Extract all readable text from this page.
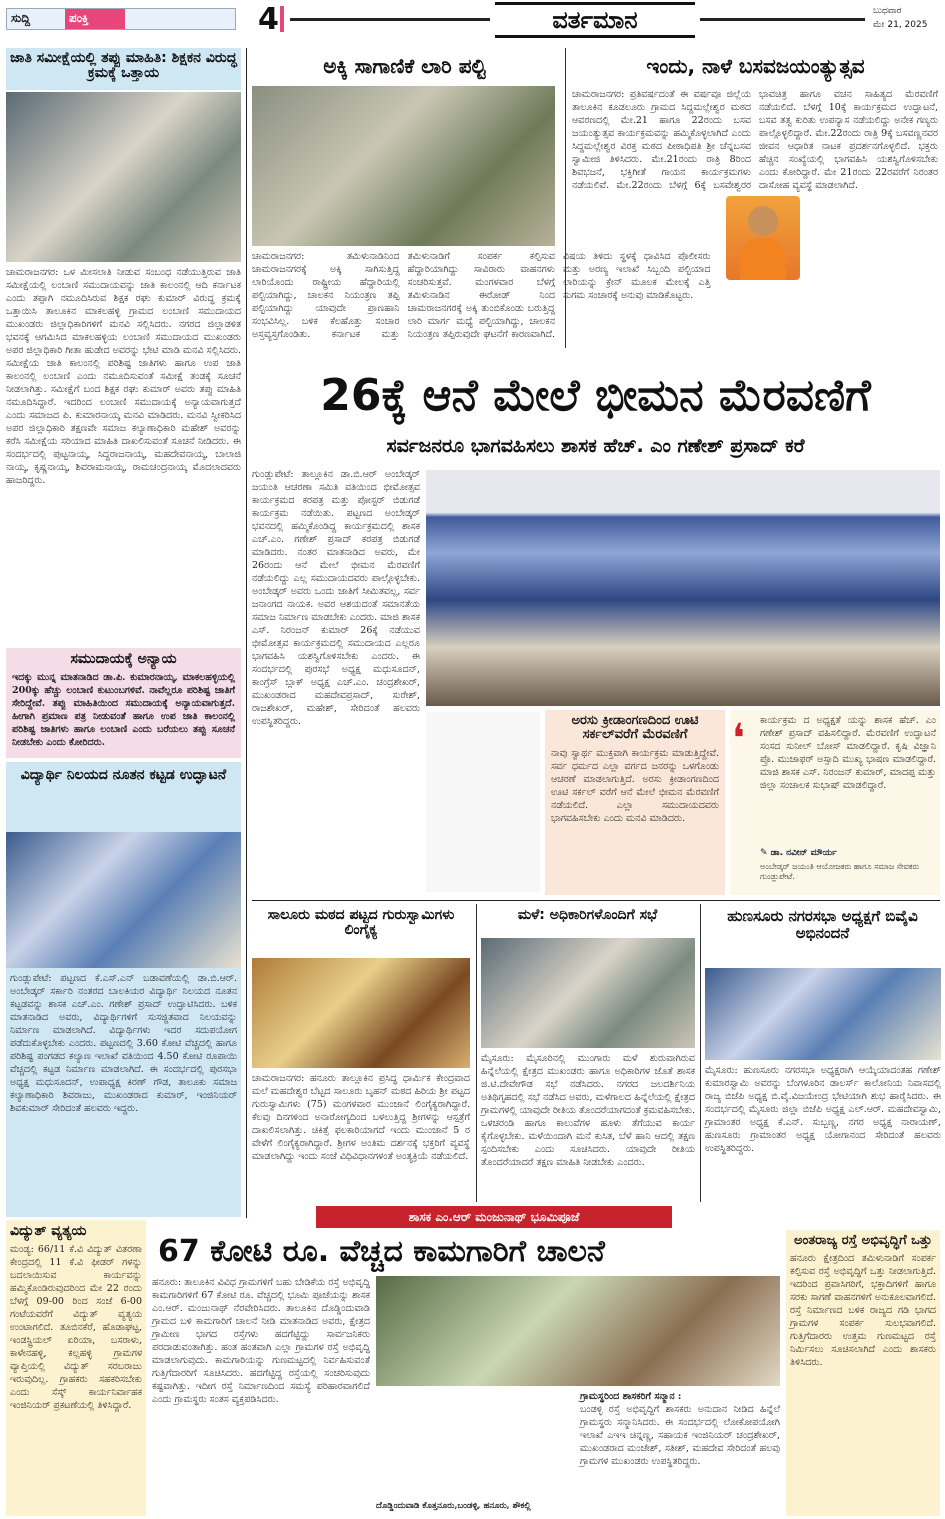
ಸುದ್ದಿ	ಪಂಕ್ತಿ	4	ವರ್ತಮಾನ	ಬುಧವಾರ
ಮೇ 21, 2025
ಜಾತಿ ಸಮೀಕ್ಷೆಯಲ್ಲಿ ತಪ್ಪು ಮಾಹಿತಿ: ಶಿಕ್ಷಕನ ವಿರುದ್ಧ ಕ್ರಮಕ್ಕೆ ಒತ್ತಾಯ
ಚಾಮರಾಜನಗರ: ಒಳ ಮೀಸಲಾತಿ ನೀಡುವ ಸಂಬಂಧ ನಡೆಯುತ್ತಿರುವ ಜಾತಿ ಸಮೀಕ್ಷೆಯಲ್ಲಿ ಲಂಬಾಣಿ ಸಮುದಾಯವನ್ನು ಜಾತಿ ಕಾಲಂನಲ್ಲಿ ಆದಿ ಕರ್ನಾಟಕ ಎಂದು ತಪ್ಪಾಗಿ ನಮೂದಿಸಿರುವ ಶಿಕ್ಷಕ ರಘು ಕುಮಾರ್ ವಿರುದ್ಧ ಕ್ರಮಕ್ಕೆ ಒತ್ತಾಯಿಸಿ ತಾಲೂಕಿನ ಮಾಕಲಹಳ್ಳಿ ಗ್ರಾಮದ ಲಂಬಾಣಿ ಸಮುದಾಯದ ಮುಖಂಡರು ಜಿಲ್ಲಾಧಿಕಾರಿಗಳಿಗೆ ಮನವಿ ಸಲ್ಲಿಸಿದರು. ನಗರದ ಜಿಲ್ಲಾಡಳಿತ ಭವನಕ್ಕೆ ಆಗಮಿಸಿದ ಮಾಕಲಹಳ್ಳಿಯ ಲಂಬಾಣಿ ಸಮುದಾಯದ ಮುಖಂಡರು ಅಪರ ಜಿಲ್ಲಾಧಿಕಾರಿ ಗೀತಾ ಹುಡೇದ ಅವರನ್ನು ಭೇಟಿ ಮಾಡಿ ಮನವಿ ಸಲ್ಲಿಸಿದರು. ಸಮೀಕ್ಷೆಯ ಜಾತಿ ಕಾಲಂನಲ್ಲಿ ಪರಿಶಿಷ್ಟ ಜಾತಿಗಳು ಹಾಗೂ ಉಪ ಜಾತಿ ಕಾಲಂನಲ್ಲಿ ಲಂಬಾಣಿ ಎಂದು ನಮೂದಿಸುವಂತೆ ಸಮೀಕ್ಷೆ ತಂಡಕ್ಕೆ ಸೂಚನೆ ನೀಡಲಾಗಿತ್ತು. ಸಮೀಕ್ಷೆಗೆ ಬಂದ ಶಿಕ್ಷಕ ರಘು ಕುಮಾರ್ ಅವರು ತಪ್ಪು ಮಾಹಿತಿ ನಮೂದಿಸಿದ್ದಾರೆ. ಇದರಿಂದ ಲಂಬಾಣಿ ಸಮುದಾಯಕ್ಕೆ ಅನ್ಯಾಯವಾಗುತ್ತದೆ ಎಂದು ಸಮಾಜದ ಪಿ. ಕುಮಾರನಾಯ್ಕ ಮನವಿ ಮಾಡಿದರು. ಮನವಿ ಸ್ವೀಕರಿಸಿದ ಅಪರ ಜಿಲ್ಲಾಧಿಕಾರಿ ತಕ್ಷಣವೇ ಸಮಾಜ ಕಲ್ಯಾಣಾಧಿಕಾರಿ ಮಹೇಶ್ ಅವರನ್ನು ಕರೆಸಿ ಸಮೀಕ್ಷೆಯ ಸರಿಯಾದ ಮಾಹಿತಿ ದಾಖಲಿಸುವಂತೆ ಸೂಚನೆ ನೀಡಿದರು. ಈ ಸಂದರ್ಭದಲ್ಲಿ ಪುಟ್ಟನಾಯ್ಕ, ಸಿದ್ದರಾಜನಾಯ್ಕ, ಮಹದೇವನಾಯ್ಕ, ಬಾಲಾಜಿ ನಾಯ್ಕ, ಕೃಷ್ಣನಾಯ್ಕ, ಶಿವರಾಮನಾಯ್ಕ, ರಾಮಚಂದ್ರನಾಯ್ಕ ಮೊದಲಾದವರು ಹಾಜರಿದ್ದರು.
ಸಮುದಾಯಕ್ಕೆ ಅನ್ಯಾಯ
ಇದಕ್ಕು ಮುನ್ನ ಮಾತನಾಡಿದ ಡಾ.ಪಿ. ಕುಮಾರನಾಯ್ಕ, ಮಾಕಲಹಳ್ಳಿಯಲ್ಲಿ 200ಕ್ಕು ಹೆಚ್ಚು ಲಂಬಾಣಿ ಕುಟುಂಬಗಳಿವೆ. ನಾವೆಲ್ಲರೂ ಪರಿಶಿಷ್ಟ ಜಾತಿಗೆ ಸೇರಿದ್ದೇವೆ. ತಪ್ಪು ಮಾಹಿತಿಯಿಂದ ಸಮುದಾಯಕ್ಕೆ ಅನ್ಯಾಯವಾಗುತ್ತದೆ. ಹೀಗಾಗಿ ಪ್ರಮಾಣ ಪತ್ರ ನೀಡುವಂತೆ ಹಾಗೂ ಉಪ ಜಾತಿ ಕಾಲಂನಲ್ಲಿ ಪರಿಶಿಷ್ಟ ಜಾತಿಗಳು ಹಾಗೂ ಲಂಬಾಣಿ ಎಂದು ಬರೆಯಲು ತಪ್ಪು ಸೂಚನೆ ನೀಡಬೇಕು ಎಂದು ಕೋರಿದರು.
ವಿದ್ಯಾರ್ಥಿ ನಿಲಯದ ನೂತನ ಕಟ್ಟಡ ಉದ್ಘಾಟನೆ
ಗುಂಡ್ಲುಪೇಟೆ: ಪಟ್ಟಣದ ಕೆ.ಎಸ್.ಎನ್ ಬಡಾವಣೆಯಲ್ಲಿ ಡಾ.ಬಿ.ಆರ್. ಅಂಬೇಡ್ಕರ್ ಸರ್ಕಾರಿ ನಂತರದ ಬಾಲಕಿಯರ ವಿದ್ಯಾರ್ಥಿ ನಿಲಯದ ನೂತನ ಕಟ್ಟಡವನ್ನು ಶಾಸಕ ಎಚ್.ಎಂ. ಗಣೇಶ್ ಪ್ರಸಾದ್ ಉದ್ಘಾಟಿಸಿದರು. ಬಳಿಕ ಮಾತನಾಡಿದ ಅವರು, ವಿದ್ಯಾರ್ಥಿಗಳಿಗೆ ಸುಸಜ್ಜಿತವಾದ ನಿಲಯವನ್ನು ನಿರ್ಮಾಣ ಮಾಡಲಾಗಿದೆ. ವಿದ್ಯಾರ್ಥಿಗಳು ಇದರ ಸದುಪಯೋಗ ಪಡೆದುಕೊಳ್ಳಬೇಕು ಎಂದರು. ಪಟ್ಟಣದಲ್ಲಿ 3.60 ಕೋಟಿ ವೆಚ್ಚದಲ್ಲಿ ಹಾಗೂ ಪರಿಶಿಷ್ಟ ಪಂಗಡದ ಕಲ್ಯಾಣ ಇಲಾಖೆ ವತಿಯಿಂದ 4.50 ಕೋಟಿ ರೂಪಾಯಿ ವೆಚ್ಚದಲ್ಲಿ ಕಟ್ಟಡ ನಿರ್ಮಾಣ ಮಾಡಲಾಗಿದೆ. ಈ ಸಂದರ್ಭದಲ್ಲಿ ಪುರಸಭಾ ಅಧ್ಯಕ್ಷ ಮಧುಸೂದನ್, ಉಪಾಧ್ಯಕ್ಷ ಕಿರಣ್ ಗೌಡ, ತಾಲೂಕು ಸಮಾಜ ಕಲ್ಯಾಣಾಧಿಕಾರಿ ಶಿವರಾಜು, ಮುಖಂಡರಾದ ಕುಮಾರ್, ಇಂಜಿನಿಯರ್ ಶಿವಕುಮಾರ್ ಸೇರಿದಂತೆ ಹಲವರು ಇದ್ದರು.
ಅಕ್ಕಿ ಸಾಗಾಣಿಕೆ ಲಾರಿ ಪಲ್ಟಿ
ಚಾಮರಾಜನಗರ: ತಮಿಳುನಾಡಿನಿಂದ ಚಾಮರಾಜನಗರಕ್ಕೆ ಅಕ್ಕಿ ಸಾಗಿಸುತ್ತಿದ್ದ ಲಾರಿಯೊಂದು ರಾಷ್ಟ್ರೀಯ ಹೆದ್ದಾರಿಯಲ್ಲಿ ಪಲ್ಟಿಯಾಗಿದ್ದು, ಚಾಲಕನ ನಿಯಂತ್ರಣ ತಪ್ಪಿ ಪಲ್ಟಿಯಾಗಿದ್ದು ಯಾವುದೇ ಪ್ರಾಣಹಾನಿ ಸಂಭವಿಸಿಲ್ಲ. ಬಳಿಕ ಕೆಲಹೊತ್ತು ಸಂಚಾರ ಅಸ್ತವ್ಯಸ್ತಗೊಂಡಿತು. ಕರ್ನಾಟಕ ಮತ್ತು ತಮಿಳುನಾಡಿಗೆ ಸಂಪರ್ಕ ಕಲ್ಪಿಸುವ ಹೆದ್ದಾರಿಯಾಗಿದ್ದು ಸಾವಿರಾರು ವಾಹನಗಳು ಸಂಚರಿಸುತ್ತವೆ. ಮಂಗಳವಾರ ಬೆಳಗ್ಗೆ ತಮಿಳುನಾಡಿನ ಈರೋಡ್ ನಿಂದ ಚಾಮರಾಜನಗರಕ್ಕೆ ಅಕ್ಕಿ ತುಂಬಿಕೊಂಡು ಬರುತ್ತಿದ್ದ ಲಾರಿ ಮಾರ್ಗ ಮಧ್ಯೆ ಪಲ್ಟಿಯಾಗಿದ್ದು, ಚಾಲಕನ ನಿಯಂತ್ರಣ ತಪ್ಪಿರುವುದೇ ಘಟನೆಗೆ ಕಾರಣವಾಗಿದೆ. ವಿಷಯ ತಿಳಿದು ಸ್ಥಳಕ್ಕೆ ಧಾವಿಸಿದ ಪೊಲೀಸರು ಮತ್ತು ಅರಣ್ಯ ಇಲಾಖೆ ಸಿಬ್ಬಂದಿ ಪಲ್ಟಿಯಾದ ಲಾರಿಯನ್ನು ಕ್ರೇನ್ ಮೂಲಕ ಮೇಲಕ್ಕೆ ಎತ್ತಿ ಸುಗಮ ಸಂಚಾರಕ್ಕೆ ಅನುವು ಮಾಡಿಕೊಟ್ಟರು.
ಇಂದು, ನಾಳೆ ಬಸವಜಯಂತ್ಯುತ್ಸವ
ಚಾಮರಾಜನಗರ: ಪ್ರತಿವರ್ಷದಂತೆ ಈ ವರ್ಷವೂ ಜಿಲ್ಲೆಯ ತಾಲೂಕಿನ ಕೂಡಲೂರು ಗ್ರಾಮದ ಸಿದ್ದಮಲ್ಲೇಶ್ವರ ಮಠದ ಆವರಣದಲ್ಲಿ ಮೇ.21 ಹಾಗೂ 22ರಂದು ಬಸವ ಜಯಂತ್ಯುತ್ಸವ ಕಾರ್ಯಕ್ರಮವನ್ನು ಹಮ್ಮಿಕೊಳ್ಳಲಾಗಿದೆ ಎಂದು ಸಿದ್ದಮಲ್ಲೇಶ್ವರ ವಿರಕ್ತ ಮಠದ ಪೀಠಾಧಿಪತಿ ಶ್ರೀ ಚೆನ್ನಬಸವ ಸ್ವಾಮೀಜಿ ತಿಳಿಸಿದರು. ಮೇ.21ರಂದು ರಾತ್ರಿ 8ರಿಂದ ಶಿವಭಜನೆ, ಭಕ್ತಿಗೀತೆ ಗಾಯನ ಕಾರ್ಯಕ್ರಮಗಳು ನಡೆಯಲಿವೆ. ಮೇ.22ರಂದು ಬೆಳಗ್ಗೆ 6ಕ್ಕೆ ಬಸವೇಶ್ವರರ ಭಾವಚಿತ್ರ ಹಾಗೂ ವಚನ ಸಾಹಿತ್ಯದ ಮೆರವಣಿಗೆ ನಡೆಯಲಿದೆ. ಬೆಳಗ್ಗೆ 10ಕ್ಕೆ ಕಾರ್ಯಕ್ರಮದ ಉದ್ಘಾಟನೆ, ಬಸವ ತತ್ವ ಕುರಿತು ಉಪನ್ಯಾಸ ನಡೆಯಲಿದ್ದು ಅನೇಕ ಗಣ್ಯರು ಪಾಲ್ಗೊಳ್ಳಲಿದ್ದಾರೆ. ಮೇ.22ರಂದು ರಾತ್ರಿ 9ಕ್ಕೆ ಬಸವಣ್ಣನವರ ಜೀವನ ಆಧಾರಿತ ನಾಟಕ ಪ್ರದರ್ಶನಗೊಳ್ಳಲಿದೆ. ಭಕ್ತರು ಹೆಚ್ಚಿನ ಸಂಖ್ಯೆಯಲ್ಲಿ ಭಾಗವಹಿಸಿ ಯಶಸ್ವಿಗೊಳಿಸಬೇಕು ಎಂದು ಕೋರಿದ್ದಾರೆ. ಮೇ 21ರಂದು 22ರವರೆಗೆ ನಿರಂತರ ದಾಸೋಹ ವ್ಯವಸ್ಥೆ ಮಾಡಲಾಗಿದೆ.
26ಕ್ಕೆ ಆನೆ ಮೇಲೆ ಭೀಮನ ಮೆರವಣಿಗೆ
ಸರ್ವಜನರೂ ಭಾಗವಹಿಸಲು ಶಾಸಕ ಹೆಚ್. ಎಂ ಗಣೇಶ್ ಪ್ರಸಾದ್ ಕರೆ
ಗುಂಡ್ಲುಪೇಟೆ: ತಾಲ್ಲೂಕಿನ ಡಾ.ಬಿ.ಆರ್ ಅಂಬೇಡ್ಕರ್ ಜಯಂತಿ ಆಚರಣಾ ಸಮಿತಿ ವತಿಯಿಂದ ಭೀಮೋತ್ಸವ ಕಾರ್ಯಕ್ರಮದ ಕರಪತ್ರ ಮತ್ತು ಪೋಸ್ಟರ್ ಬಿಡುಗಡೆ ಕಾರ್ಯಕ್ರಮ ನಡೆಯಿತು. ಪಟ್ಟಣದ ಅಂಬೇಡ್ಕರ್ ಭವನದಲ್ಲಿ ಹಮ್ಮಿಕೊಂಡಿದ್ದ ಕಾರ್ಯಕ್ರಮದಲ್ಲಿ ಶಾಸಕ ಎಚ್.ಎಂ. ಗಣೇಶ್ ಪ್ರಸಾದ್ ಕರಪತ್ರ ಬಿಡುಗಡೆ ಮಾಡಿದರು. ನಂತರ ಮಾತನಾಡಿದ ಅವರು, ಮೇ 26ರಂದು ಆನೆ ಮೇಲೆ ಭೀಮನ ಮೆರವಣಿಗೆ ನಡೆಯಲಿದ್ದು ಎಲ್ಲ ಸಮುದಾಯದವರು ಪಾಲ್ಗೊಳ್ಳಬೇಕು. ಅಂಬೇಡ್ಕರ್ ಅವರು ಒಂದು ಜಾತಿಗೆ ಸೀಮಿತವಲ್ಲ, ಸರ್ವ ಜನಾಂಗದ ನಾಯಕ. ಅವರ ಆಶಯದಂತೆ ಸಮಾನತೆಯ ಸಮಾಜ ನಿರ್ಮಾಣ ಮಾಡಬೇಕು ಎಂದರು. ಮಾಜಿ ಶಾಸಕ ಎಸ್. ನಿರಂಜನ್ ಕುಮಾರ್ 26ಕ್ಕೆ ನಡೆಯುವ ಭೀಮೋತ್ಸವ ಕಾರ್ಯಕ್ರಮದಲ್ಲಿ ಸಮುದಾಯದ ಎಲ್ಲರೂ ಭಾಗವಹಿಸಿ ಯಶಸ್ವಿಗೊಳಿಸಬೇಕು ಎಂದರು. ಈ ಸಂದರ್ಭದಲ್ಲಿ ಪುರಸಭೆ ಅಧ್ಯಕ್ಷ ಮಧುಸೂದನ್, ಕಾಂಗ್ರೆಸ್ ಬ್ಲಾಕ್ ಅಧ್ಯಕ್ಷ ಎಚ್.ಎಂ. ಚಂದ್ರಶೇಖರ್, ಮುಖಂಡರಾದ ಮಹದೇವಪ್ರಸಾದ್, ಸುರೇಶ್, ರಾಜಶೇಖರ್, ಮಹೇಶ್, ಸೇರಿದಂತೆ ಹಲವರು ಉಪಸ್ಥಿತರಿದ್ದರು.	ಅರಸು ಕ್ರೀಡಾಂಗಣದಿಂದ ಊಟಿ ಸರ್ಕಲ್‌ವರೆಗೆ ಮೆರವಣಿಗೆ
ನಾವು ಸ್ವಾರ್ಥ ಮುಕ್ತವಾಗಿ ಕಾರ್ಯಕ್ರಮ ಮಾಡುತ್ತಿದ್ದೇವೆ. ಸರ್ವ ಧರ್ಮದ ಎಲ್ಲಾ ವರ್ಗದ ಜನರನ್ನು ಒಳಗೊಂಡು ಆಚರಣೆ ಮಾಡಲಾಗುತ್ತಿದೆ. ಅರಸು ಕ್ರೀಡಾಂಗಣದಿಂದ ಊಟಿ ಸರ್ಕಲ್ ವರೆಗೆ ಆನೆ ಮೇಲೆ ಭೀಮನ ಮೆರವಣಿಗೆ ನಡೆಯಲಿದೆ. ಎಲ್ಲಾ ಸಮುದಾಯದವರು ಭಾಗವಹಿಸಬೇಕು ಎಂದು ಮನವಿ ಮಾಡಿದರು.
❛ ಕಾರ್ಯಕ್ರಮ ದ ಅಧ್ಯಕ್ಷತೆ ಯನ್ನು ಶಾಸಕ ಹೆಚ್. ಎಂ ಗಣೇಶ್ ಪ್ರಸಾದ್ ವಹಿಸಲಿದ್ದಾರೆ. ಮೆರವಣಿಗೆ ಉದ್ಘಾಟನೆ ಸಂಸದ ಸುನೀಲ್ ಬೋಸ್ ಮಾಡಲಿದ್ದಾರೆ. ಕೃಷಿ ವಿಜ್ಞಾನಿ ಪ್ರೊ. ಮುಜಾಫರ್ ಅಸ್ಸಾದಿ ಮುಖ್ಯ ಭಾಷಣ ಮಾಡಲಿದ್ದಾರೆ. ಮಾಜಿ ಶಾಸಕ ಎಸ್. ನಿರಂಜನ್ ಕುಮಾರ್, ಮಾದಪ್ಪ ಮತ್ತು ಜಿಲ್ಲಾ ಸಂಚಾಲಕ ಸುಭಾಷ್ ಮಾಡಲಿದ್ದಾರೆ.
✎ ಡಾ. ನವೀನ್ ಮೌರ್ಯ
ಅಂಬೇಡ್ಕರ್ ಜಯಂತಿ ಆಯೋಜಕರು ಹಾಗೂ ಸಮಾಜ ಸೇವಕರು ಗುಂಡ್ಲುಪೇಟೆ.
ಸಾಲೂರು ಮಠದ ಪಟ್ಟದ ಗುರುಸ್ವಾಮಿಗಳು ಲಿಂಗೈಕ್ಯ
ಚಾಮರಾಜನಗರ: ಹನೂರು ತಾಲ್ಲೂಕಿನ ಪ್ರಸಿದ್ಧ ಧಾರ್ಮಿಕ ಕೇಂದ್ರವಾದ ಮಲೆ ಮಹದೇಶ್ವರ ಬೆಟ್ಟದ ಸಾಲೂರು ಬೃಹನ್ ಮಠದ ಹಿರಿಯ ಶ್ರೀ ಪಟ್ಟದ ಗುರುಸ್ವಾಮಿಗಳು (75) ಮಂಗಳವಾರ ಮುಂಜಾನೆ ಲಿಂಗೈಕ್ಯರಾಗಿದ್ದಾರೆ. ಕೆಲವು ದಿನಗಳಿಂದ ಅನಾರೋಗ್ಯದಿಂದ ಬಳಲುತ್ತಿದ್ದ ಶ್ರೀಗಳನ್ನು ಆಸ್ಪತ್ರೆಗೆ ದಾಖಲಿಸಲಾಗಿತ್ತು. ಚಿಕಿತ್ಸೆ ಫಲಕಾರಿಯಾಗದೆ ಇಂದು ಮುಂಜಾನೆ 5 ರ ವೇಳೆಗೆ ಲಿಂಗೈಕ್ಯರಾಗಿದ್ದಾರೆ. ಶ್ರೀಗಳ ಅಂತಿಮ ದರ್ಶನಕ್ಕೆ ಭಕ್ತರಿಗೆ ವ್ಯವಸ್ಥೆ ಮಾಡಲಾಗಿದ್ದು ಇಂದು ಸಂಜೆ ವಿಧಿವಿಧಾನಗಳಂತೆ ಅಂತ್ಯಕ್ರಿಯೆ ನಡೆಯಲಿದೆ.
ಮಳೆ: ಅಧಿಕಾರಿಗಳೊಂದಿಗೆ ಸಭೆ
ಮೈಸೂರು: ಮೈಸೂರಿನಲ್ಲಿ ಮುಂಗಾರು ಮಳೆ ಶುರುವಾಗಿರುವ ಹಿನ್ನೆಲೆಯಲ್ಲಿ ಕ್ಷೇತ್ರದ ಮುಖಂಡರು ಹಾಗೂ ಅಧಿಕಾರಿಗಳ ಜೊತೆ ಶಾಸಕ ಜಿ.ಟಿ.ದೇವೇಗೌಡ ಸಭೆ ನಡೆಸಿದರು. ನಗರದ ಜಲದರ್ಶಿನಿಯ ಅತಿಥಿಗೃಹದಲ್ಲಿ ಸಭೆ ನಡೆಸಿದ ಅವರು, ಮಳೆಗಾಲದ ಹಿನ್ನೆಲೆಯಲ್ಲಿ ಕ್ಷೇತ್ರದ ಗ್ರಾಮಗಳಲ್ಲಿ ಯಾವುದೇ ರೀತಿಯ ತೊಂದರೆಯಾಗದಂತೆ ಕ್ರಮವಹಿಸಬೇಕು. ಒಳಚರಂಡಿ ಹಾಗೂ ಕಾಲುವೆಗಳ ಹೂಳು ತೆಗೆಯುವ ಕಾರ್ಯ ಕೈಗೊಳ್ಳಬೇಕು. ಮಳೆಯಿಂದಾಗಿ ಮನೆ ಕುಸಿತ, ಬೆಳೆ ಹಾನಿ ಆದಲ್ಲಿ ತಕ್ಷಣ ಸ್ಪಂದಿಸಬೇಕು ಎಂದು ಸೂಚಿಸಿದರು. ಯಾವುದೇ ರೀತಿಯ ತೊಂದರೆಯಾದರೆ ತಕ್ಷಣ ಮಾಹಿತಿ ನೀಡಬೇಕು ಎಂದರು.
ಹುಣಸೂರು ನಗರಸಭಾ ಅಧ್ಯಕ್ಷಗೆ ಬಿವೈವಿ ಅಭಿನಂದನೆ
ಮೈಸೂರು: ಹುಣಸೂರು ನಗರಸಭಾ ಅಧ್ಯಕ್ಷರಾಗಿ ಆಯ್ಕೆಯಾದಂತಹ ಗಣೇಶ್ ಕುಮಾರಸ್ವಾಮಿ ಅವರನ್ನು ಬೆಂಗಳೂರಿನ ಡಾಲರ್ಸ್ ಕಾಲೋನಿಯ ನಿವಾಸದಲ್ಲಿ ರಾಜ್ಯ ಬಿಜೆಪಿ ಅಧ್ಯಕ್ಷ ಬಿ.ವೈ.ವಿಜಯೇಂದ್ರ ಭೇಟಿಯಾಗಿ ಶುಭ ಹಾರೈಸಿದರು. ಈ ಸಂದರ್ಭದಲ್ಲಿ ಮೈಸೂರು ಜಿಲ್ಲಾ ಬಿಜೆಪಿ ಅಧ್ಯಕ್ಷ ಎಲ್.ಆರ್. ಮಹದೇವಸ್ವಾಮಿ, ಗ್ರಾಮಾಂತರ ಅಧ್ಯಕ್ಷ ಕೆ.ಎನ್. ಸುಬ್ಬಣ್ಣ, ನಗರ ಅಧ್ಯಕ್ಷ ನಾರಾಯಣ್, ಹುಣಸೂರು ಗ್ರಾಮಾಂತರ ಅಧ್ಯಕ್ಷ ಯೋಗಾನಂದ ಸೇರಿದಂತೆ ಹಲವರು ಉಪಸ್ಥಿತರಿದ್ದರು.
ವಿದ್ಯುತ್ ವ್ಯತ್ಯಯ
ಮಂಡ್ಯ: 66/11 ಕೆ.ವಿ ವಿದ್ಯುತ್ ವಿತರಣಾ ಕೇಂದ್ರದಲ್ಲಿ 11 ಕೆ.ವಿ ಫೀಡರ್ ಗಳನ್ನು ಬದಲಾಯಿಸುವ ಕಾರ್ಯವನ್ನು ಹಮ್ಮಿಕೊಂಡಿರುವುದರಿಂದ ಮೇ 22 ರಂದು ಬೆಳಗ್ಗೆ 09-00 ರಿಂದ ಸಂಜೆ 6-00 ಗಂಟೆಯವರೆಗೆ ವಿದ್ಯುತ್ ವ್ಯತ್ಯಯ ಉಂಟಾಗಲಿದೆ. ತೂಬಿನಕೆರೆ, ಹೊಡಾಘಟ್ಟ, ಇಂಡಸ್ಟ್ರಿಯಲ್ ಏರಿಯಾ, ಬಸರಾಳು, ಕಾಳೇನಹಳ್ಳಿ, ಕಲ್ಲಹಳ್ಳಿ ಗ್ರಾಮಗಳ ವ್ಯಾಪ್ತಿಯಲ್ಲಿ ವಿದ್ಯುತ್ ಸರಬರಾಜು ಇರುವುದಿಲ್ಲ. ಗ್ರಾಹಕರು ಸಹಕರಿಸಬೇಕು ಎಂದು ಸೆಸ್ಕ್ ಕಾರ್ಯನಿರ್ವಾಹಕ ಇಂಜಿನಿಯರ್ ಪ್ರಕಟಣೆಯಲ್ಲಿ ತಿಳಿಸಿದ್ದಾರೆ.
ಶಾಸಕ ಎಂ.ಆರ್ ಮಂಜುನಾಥ್ ಭೂಮಿಪೂಜೆ
67 ಕೋಟಿ ರೂ. ವೆಚ್ಚದ ಕಾಮಗಾರಿಗೆ ಚಾಲನೆ
ಹನೂರು: ತಾಲೂಕಿನ ವಿವಿಧ ಗ್ರಾಮಗಳಿಗೆ ಬಹು ಬೇಡಿಕೆಯ ರಸ್ತೆ ಅಭಿವೃದ್ಧಿ ಕಾಮಗಾರಿಗಳಿಗೆ 67 ಕೋಟಿ ರೂ. ವೆಚ್ಚದಲ್ಲಿ ಭೂಮಿ ಪೂಜೆಯನ್ನು ಶಾಸಕ ಎಂ.ಆರ್. ಮಂಜುನಾಥ್ ನೆರವೇರಿಸಿದರು. ತಾಲೂಕಿನ ದೊಡ್ಡಿಂದುವಾಡಿ ಗ್ರಾಮದ ಬಳಿ ಕಾಮಗಾರಿಗೆ ಚಾಲನೆ ನೀಡಿ ಮಾತನಾಡಿದ ಅವರು, ಕ್ಷೇತ್ರದ ಗ್ರಾಮೀಣ ಭಾಗದ ರಸ್ತೆಗಳು ಹದಗೆಟ್ಟಿದ್ದು ಸಾರ್ವಜನಿಕರು ಪರದಾಡುವಂತಾಗಿತ್ತು. ಹಂತ ಹಂತವಾಗಿ ಎಲ್ಲಾ ಗ್ರಾಮಗಳ ರಸ್ತೆ ಅಭಿವೃದ್ಧಿ ಮಾಡಲಾಗುವುದು. ಕಾಮಗಾರಿಯನ್ನು ಗುಣಮಟ್ಟದಲ್ಲಿ ನಿರ್ವಹಿಸುವಂತೆ ಗುತ್ತಿಗೆದಾರರಿಗೆ ಸೂಚಿಸಿದರು. ಹದಗೆಟ್ಟಿದ್ದ ರಸ್ತೆಯಲ್ಲಿ ಸಂಚರಿಸುವುದು ಕಷ್ಟವಾಗಿತ್ತು. ಇದೀಗ ರಸ್ತೆ ನಿರ್ಮಾಣದಿಂದ ಸಮಸ್ಯೆ ಪರಿಹಾರವಾಗಲಿದೆ ಎಂದು ಗ್ರಾಮಸ್ಥರು ಸಂತಸ ವ್ಯಕ್ತಪಡಿಸಿದರು.
ದೊಡ್ಡಿಂದುವಾಡಿ ಕೊತ್ತನೂರು,ಬಂಡಳ್ಳಿ, ಹನೂರು, ಶೌಕಲ್ಲಿ
ಗ್ರಾಮಸ್ಥರಿಂದ ಶಾಸಕರಿಗೆ ಸನ್ಮಾನ :
ಬಂಡಳ್ಳಿ ರಸ್ತೆ ಅಭಿವೃದ್ಧಿಗೆ ಶಾಸಕರು ಅನುದಾನ ನೀಡಿದ ಹಿನ್ನೆಲೆ ಗ್ರಾಮಸ್ಥರು ಸನ್ಮಾನಿಸಿದರು. ಈ ಸಂದರ್ಭದಲ್ಲಿ ಲೋಕೋಪಯೋಗಿ ಇಲಾಖೆ ಎಇಇ ಚಿನ್ನಣ್ಣ, ಸಹಾಯಕ ಇಂಜಿನಿಯರ್ ಚಂದ್ರಶೇಖರ್, ಮುಖಂಡರಾದ ಮಂಜೇಶ್, ಸತೀಶ್, ಮಹದೇವ ಸೇರಿದಂತೆ ಹಲವು ಗ್ರಾಮಗಳ ಮುಖಂಡರು ಉಪಸ್ಥಿತರಿದ್ದರು.
ಅಂತರಾಜ್ಯ ರಸ್ತೆ ಅಭಿವೃದ್ಧಿಗೆ ಒತ್ತು
ಹನೂರು ಕ್ಷೇತ್ರದಿಂದ ತಮಿಳುನಾಡಿಗೆ ಸಂಪರ್ಕ ಕಲ್ಪಿಸುವ ರಸ್ತೆ ಅಭಿವೃದ್ಧಿಗೆ ಒತ್ತು ನೀಡಲಾಗುತ್ತಿದೆ. ಇದರಿಂದ ಪ್ರವಾಸಿಗರಿಗೆ, ಭಕ್ತಾದಿಗಳಿಗೆ ಹಾಗೂ ಸರಕು ಸಾಗಣೆ ವಾಹನಗಳಿಗೆ ಅನುಕೂಲವಾಗಲಿದೆ. ರಸ್ತೆ ನಿರ್ಮಾಣದ ಬಳಿಕ ರಾಜ್ಯದ ಗಡಿ ಭಾಗದ ಗ್ರಾಮಗಳ ಸಂಪರ್ಕ ಸುಲಭವಾಗಲಿದೆ. ಗುತ್ತಿಗೆದಾರರು ಉತ್ತಮ ಗುಣಮಟ್ಟದ ರಸ್ತೆ ನಿರ್ಮಿಸಲು ಸೂಚಿಸಲಾಗಿದೆ ಎಂದು ಶಾಸಕರು ತಿಳಿಸಿದರು.
